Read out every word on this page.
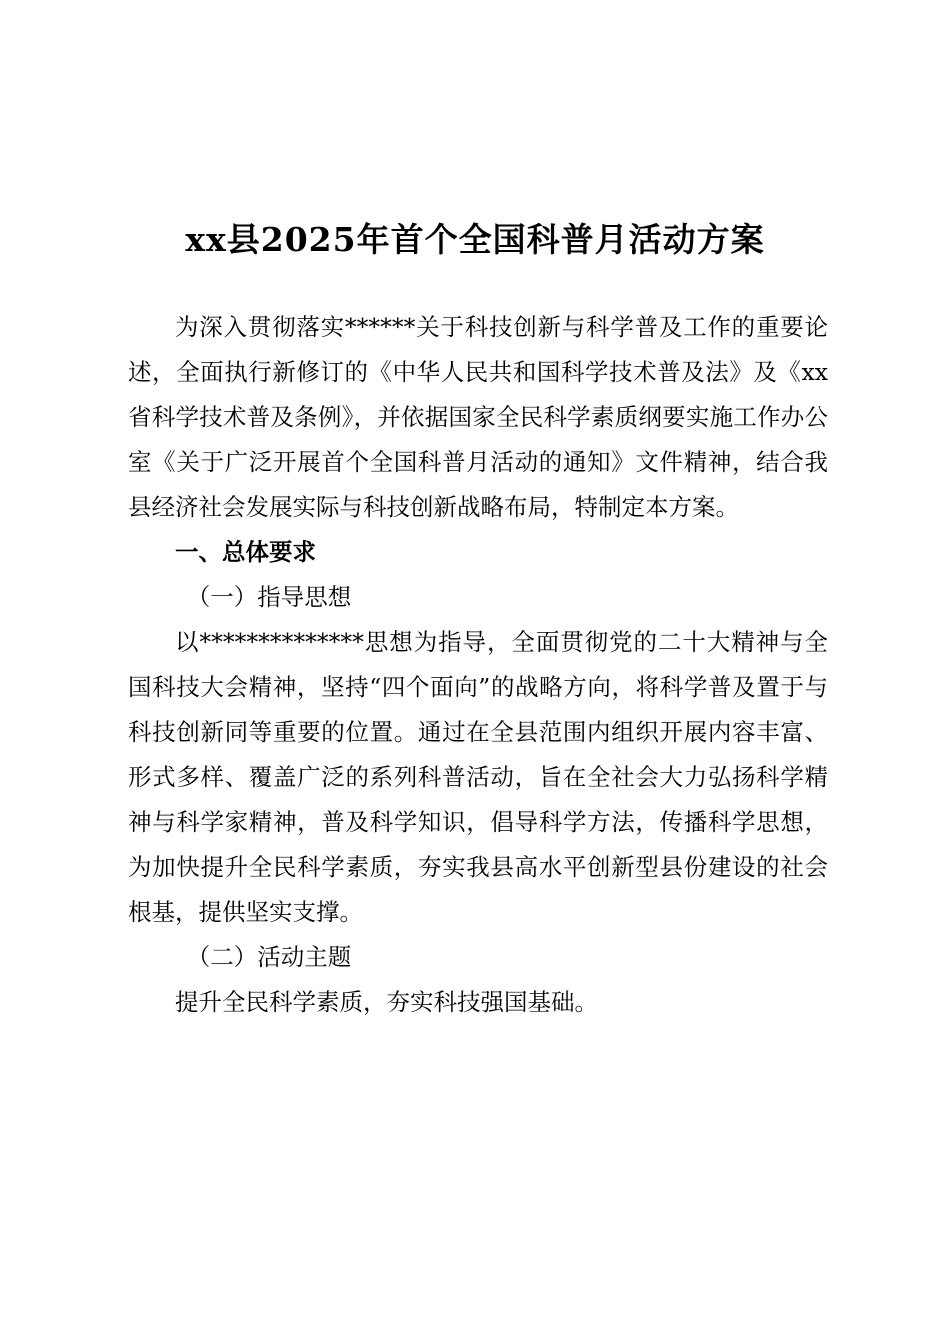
xx县2025年首个全国科普月活动方案

为深入贯彻落实******关于科技创新与科学普及工作的重要论述，全面执行新修订的《中华人民共和国科学技术普及法》及《xx省科学技术普及条例》，并依据国家全民科学素质纲要实施工作办公室《关于广泛开展首个全国科普月活动的通知》文件精神，结合我县经济社会发展实际与科技创新战略布局，特制定本方案。

一、总体要求

（一）指导思想

以**************思想为指导，全面贯彻党的二十大精神与全国科技大会精神，坚持“四个面向”的战略方向，将科学普及置于与科技创新同等重要的位置。通过在全县范围内组织开展内容丰富、形式多样、覆盖广泛的系列科普活动，旨在全社会大力弘扬科学精神与科学家精神，普及科学知识，倡导科学方法，传播科学思想，为加快提升全民科学素质，夯实我县高水平创新型县份建设的社会根基，提供坚实支撑。

（二）活动主题

提升全民科学素质，夯实科技强国基础。
